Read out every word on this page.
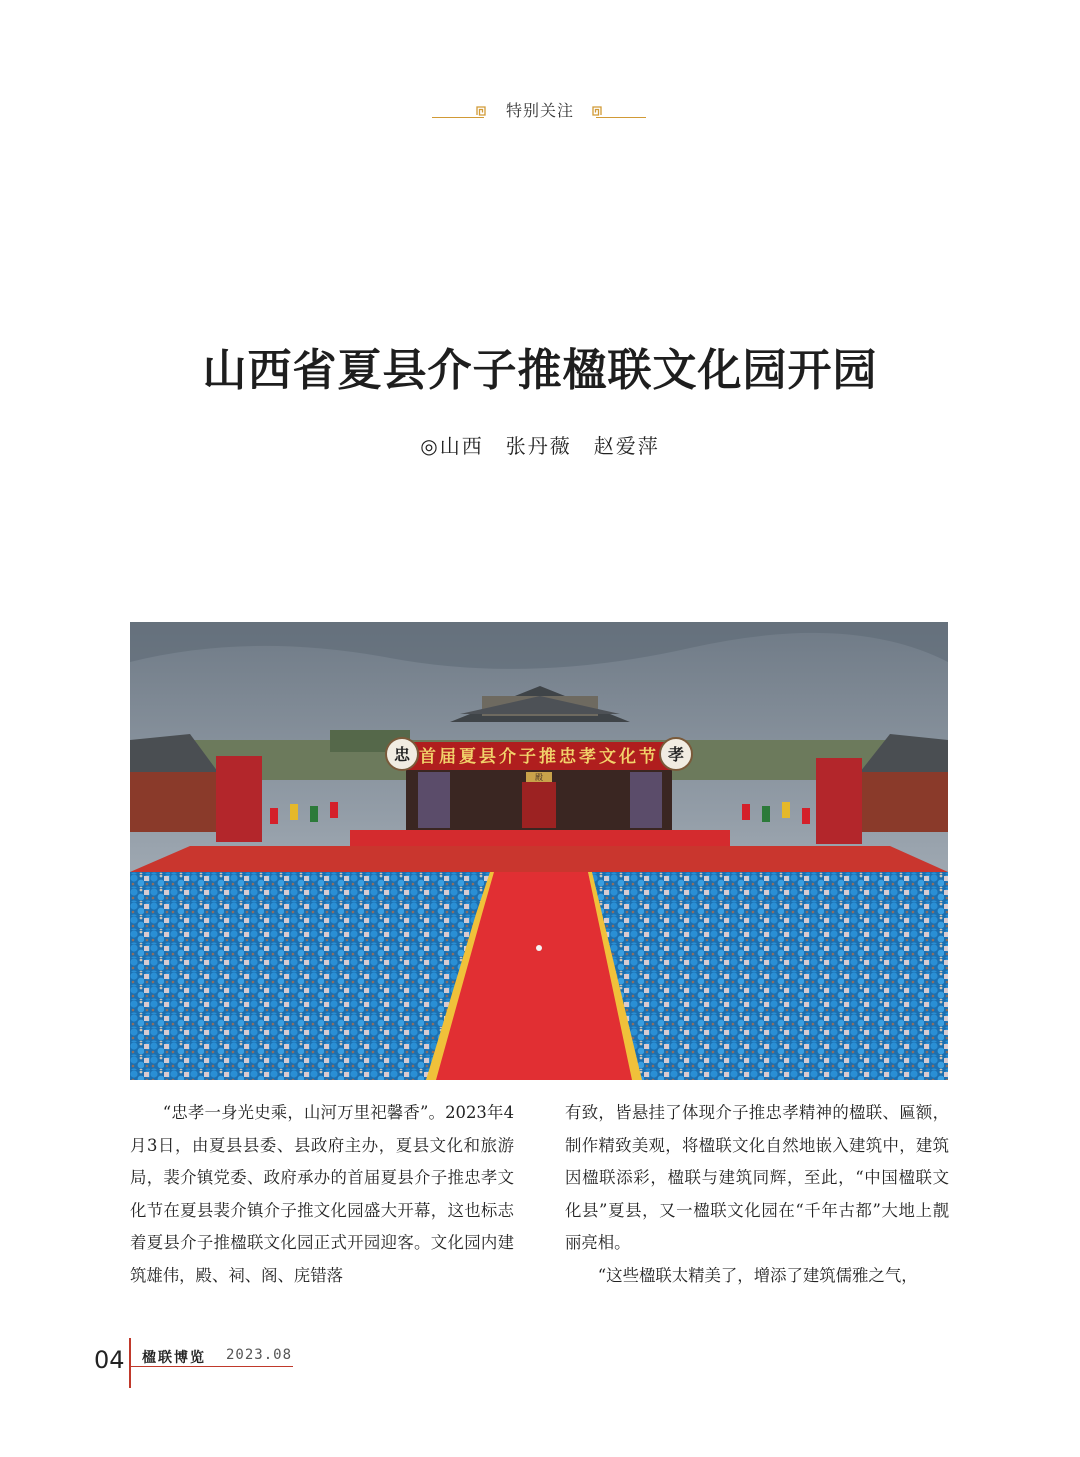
特别关注
山西省夏县介子推楹联文化园开园
◎山西　张丹薇　赵爱萍
首届夏县介子推忠孝文化节
忠	孝
殿

“忠孝一身光史乘，山河万里祀馨香”。2023年4月3日，由夏县县委、县政府主办，夏县文化和旅游局，裴介镇党委、政府承办的首届夏县介子推忠孝文化节在夏县裴介镇介子推文化园盛大开幕，这也标志着夏县介子推楹联文化园正式开园迎客。文化园内建筑雄伟，殿、祠、阁、庑错落

有致，皆悬挂了体现介子推忠孝精神的楹联、匾额，制作精致美观，将楹联文化自然地嵌入建筑中，建筑因楹联添彩，楹联与建筑同辉，至此，“中国楹联文化县”夏县，又一楹联文化园在“千年古都”大地上靓丽亮相。

“这些楹联太精美了，增添了建筑儒雅之气，

04 楹联博览 2023.08
